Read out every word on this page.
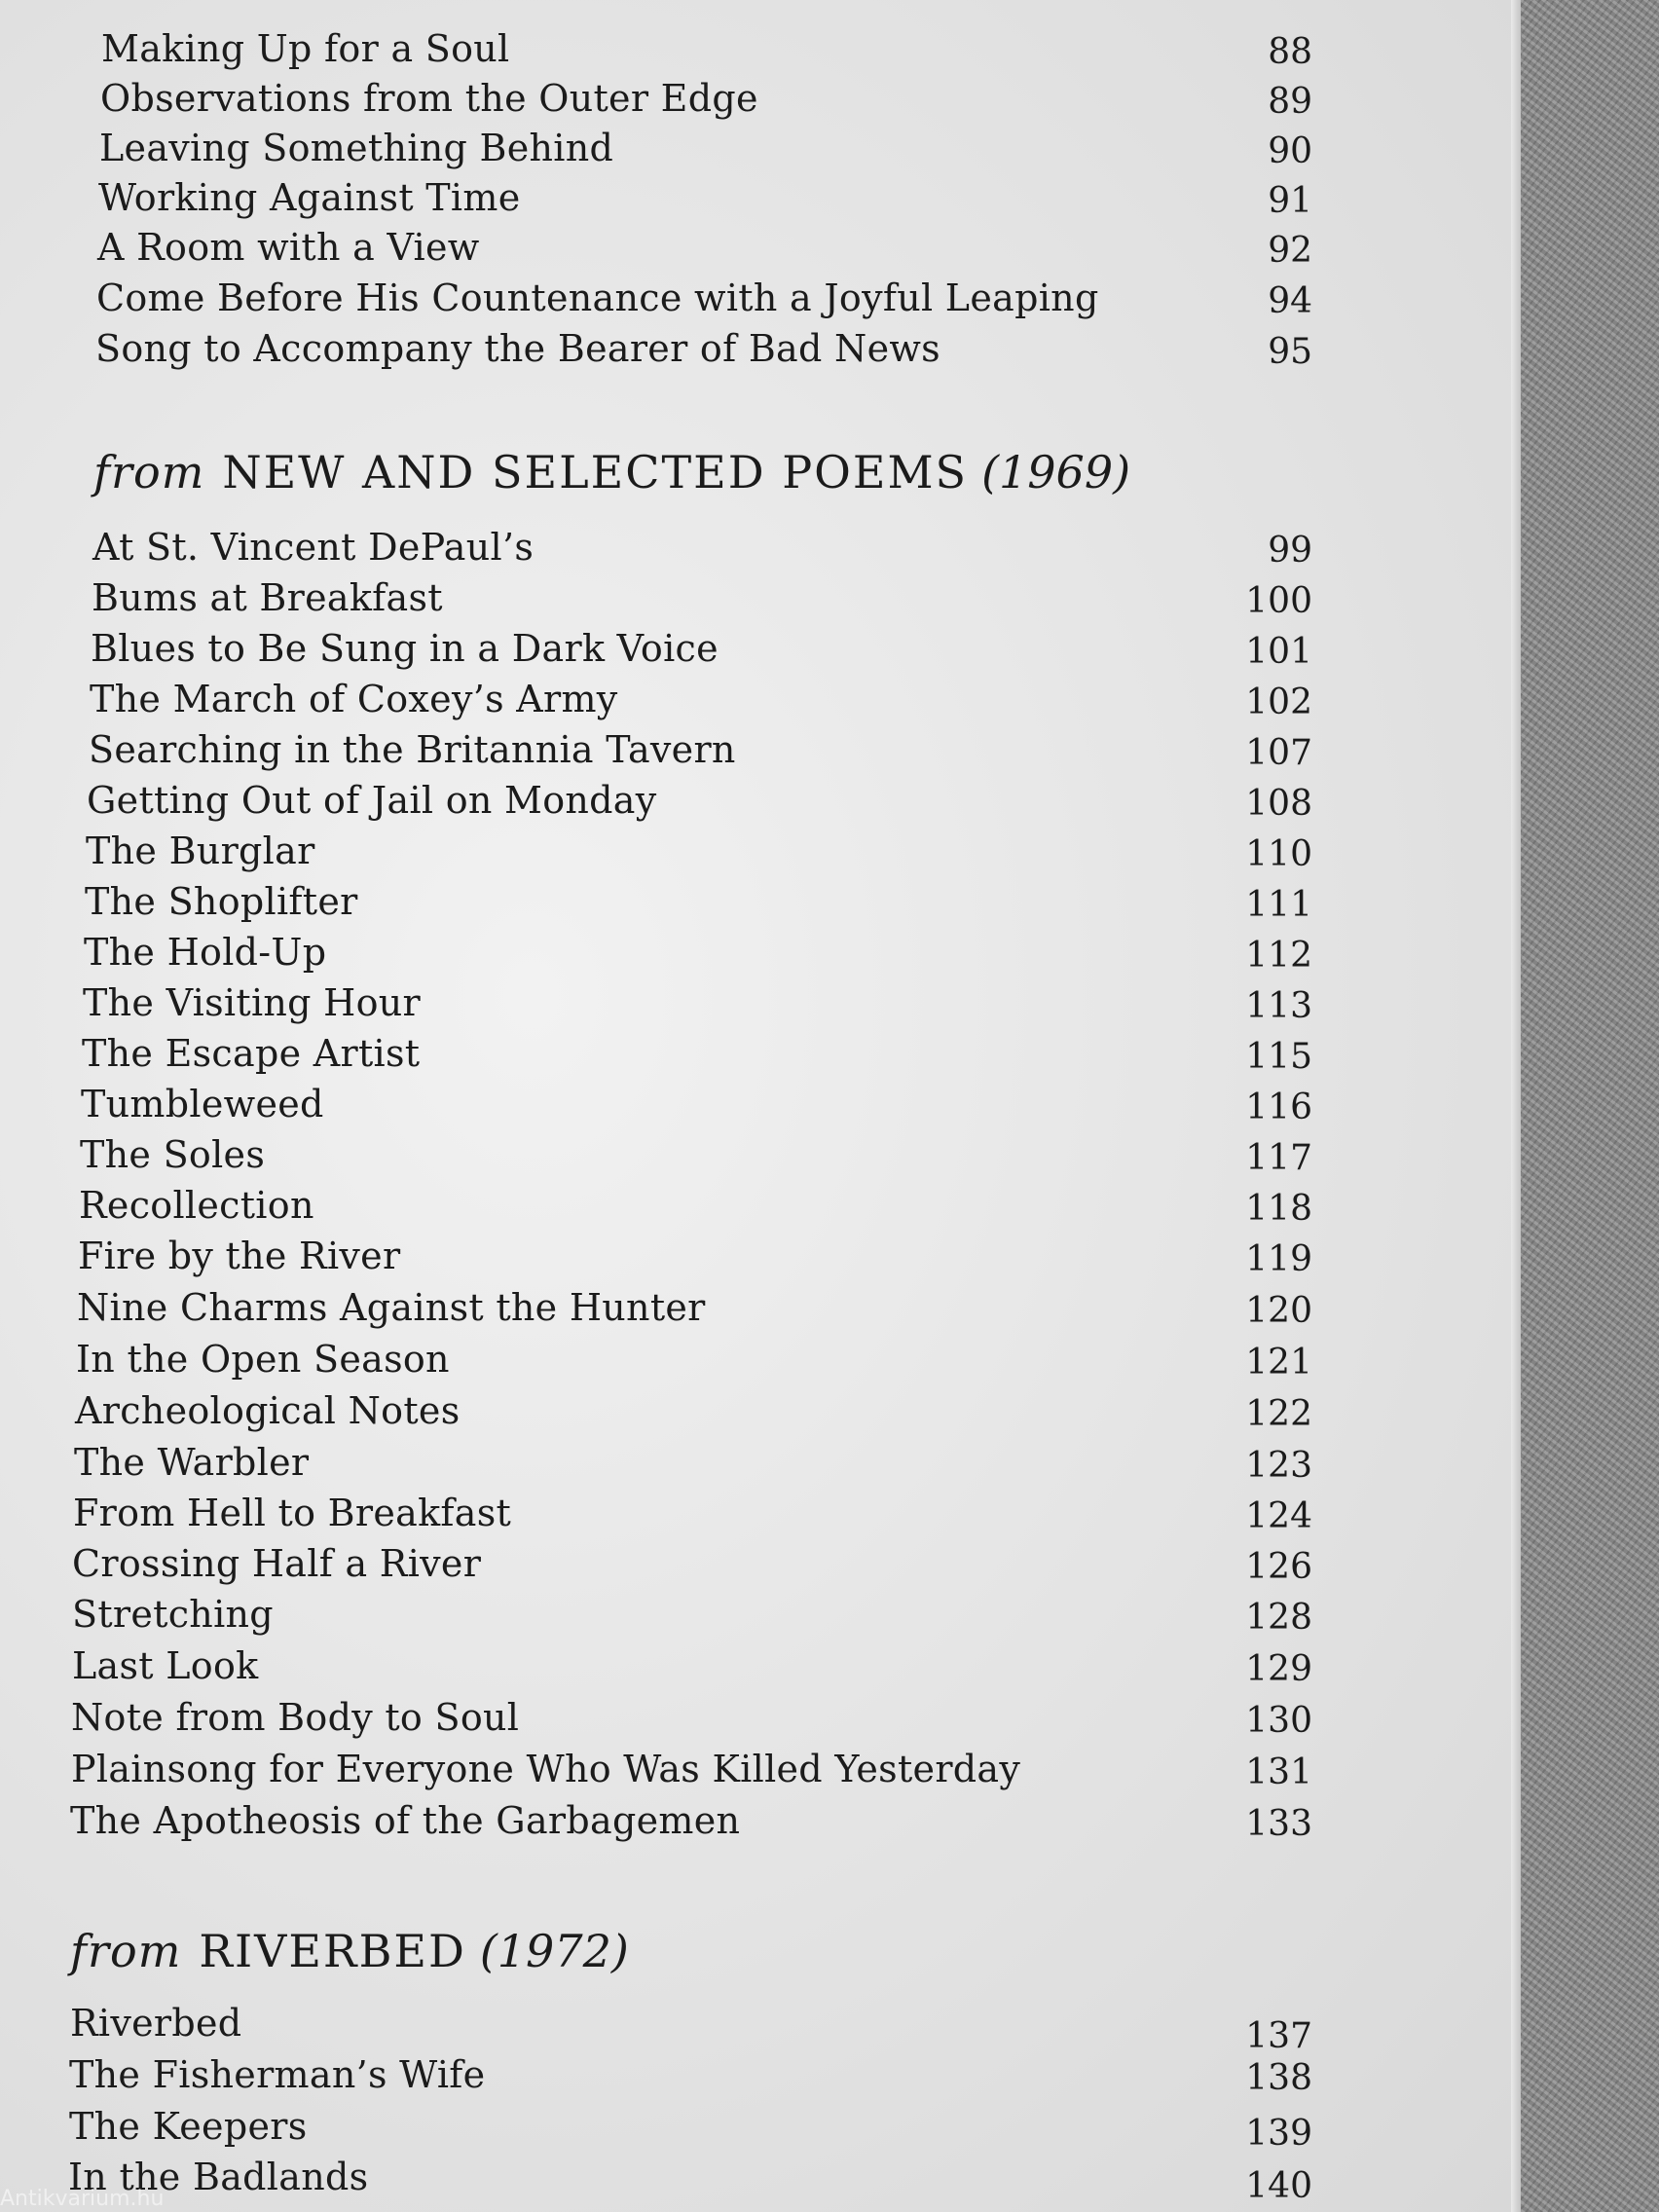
Making Up for a Soul	88
Observations from the Outer Edge	89
Leaving Something Behind	90
Working Against Time	91
A Room with a View	92
Come Before His Countenance with a Joyful Leaping	94
Song to Accompany the Bearer of Bad News	95
from NEW AND SELECTED POEMS (1969)
At St. Vincent DePaul’s	99
Bums at Breakfast	100
Blues to Be Sung in a Dark Voice	101
The March of Coxey’s Army	102
Searching in the Britannia Tavern	107
Getting Out of Jail on Monday	108
The Burglar	110
The Shoplifter	111
The Hold-Up	112
The Visiting Hour	113
The Escape Artist	115
Tumbleweed	116
The Soles	117
Recollection	118
Fire by the River	119
Nine Charms Against the Hunter	120
In the Open Season	121
Archeological Notes	122
The Warbler	123
From Hell to Breakfast	124
Crossing Half a River	126
Stretching	128
Last Look	129
Note from Body to Soul	130
Plainsong for Everyone Who Was Killed Yesterday	131
The Apotheosis of the Garbagemen	133
from RIVERBED (1972)
Riverbed	137
The Fisherman’s Wife	138
The Keepers	139
In the Badlands	140
Antikvarium.hu
